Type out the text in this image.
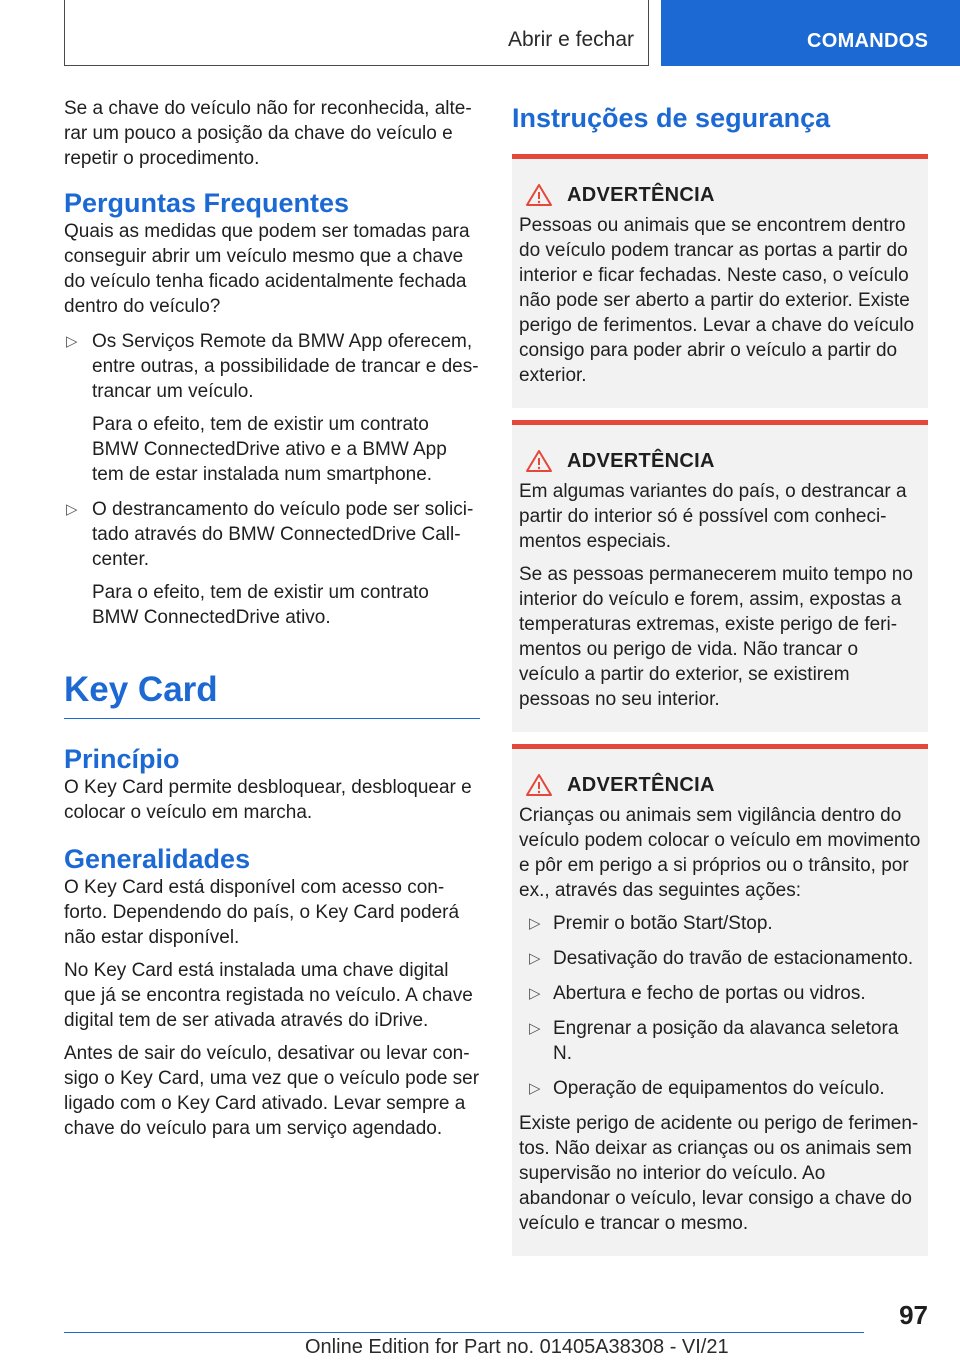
Abrir e fechar	COMANDOS

Se a chave do veículo não for reconhecida, alterar um pouco a posição da chave do veículo e repetir o procedimento.

Perguntas Frequentes

Quais as medidas que podem ser tomadas para conseguir abrir um veículo mesmo que a chave do veículo tenha ficado acidentalmente fechada dentro do veículo?

▷ Os Serviços Remote da BMW App oferecem, entre outras, a possibilidade de trancar e destrancar um veículo.

Para o efeito, tem de existir um contrato BMW ConnectedDrive ativo e a BMW App tem de estar instalada num smartphone.

▷ O destrancamento do veículo pode ser solicitado através do BMW ConnectedDrive Callcenter.

Para o efeito, tem de existir um contrato BMW ConnectedDrive ativo.

Key Card
Princípio

O Key Card permite desbloquear, desbloquear e colocar o veículo em marcha.

Generalidades

O Key Card está disponível com acesso conforto. Dependendo do país, o Key Card poderá não estar disponível.

No Key Card está instalada uma chave digital que já se encontra registada no veículo. A chave digital tem de ser ativada através do iDrive.

Antes de sair do veículo, desativar ou levar consigo o Key Card, uma vez que o veículo pode ser ligado com o Key Card ativado. Levar sempre a chave do veículo para um serviço agendado.

Instruções de segurança
ADVERTÊNCIA

Pessoas ou animais que se encontrem dentro do veículo podem trancar as portas a partir do interior e ficar fechadas. Neste caso, o veículo não pode ser aberto a partir do exterior. Existe perigo de ferimentos. Levar a chave do veículo consigo para poder abrir o veículo a partir do exterior.

ADVERTÊNCIA

Em algumas variantes do país, o destrancar a partir do interior só é possível com conhecimentos especiais.

Se as pessoas permanecerem muito tempo no interior do veículo e forem, assim, expostas a temperaturas extremas, existe perigo de ferimentos ou perigo de vida. Não trancar o veículo a partir do exterior, se existirem pessoas no seu interior.

ADVERTÊNCIA

Crianças ou animais sem vigilância dentro do veículo podem colocar o veículo em movimento e pôr em perigo a si próprios ou o trânsito, por ex., através das seguintes ações:

▷ Premir o botão Start/Stop.

▷ Desativação do travão de estacionamento.

▷ Abertura e fecho de portas ou vidros.

▷ Engrenar a posição da alavanca seletora N.

▷ Operação de equipamentos do veículo.

Existe perigo de acidente ou perigo de ferimentos. Não deixar as crianças ou os animais sem supervisão no interior do veículo. Ao abandonar o veículo, levar consigo a chave do veículo e trancar o mesmo.

97
Online Edition for Part no. 01405A38308 - VI/21
